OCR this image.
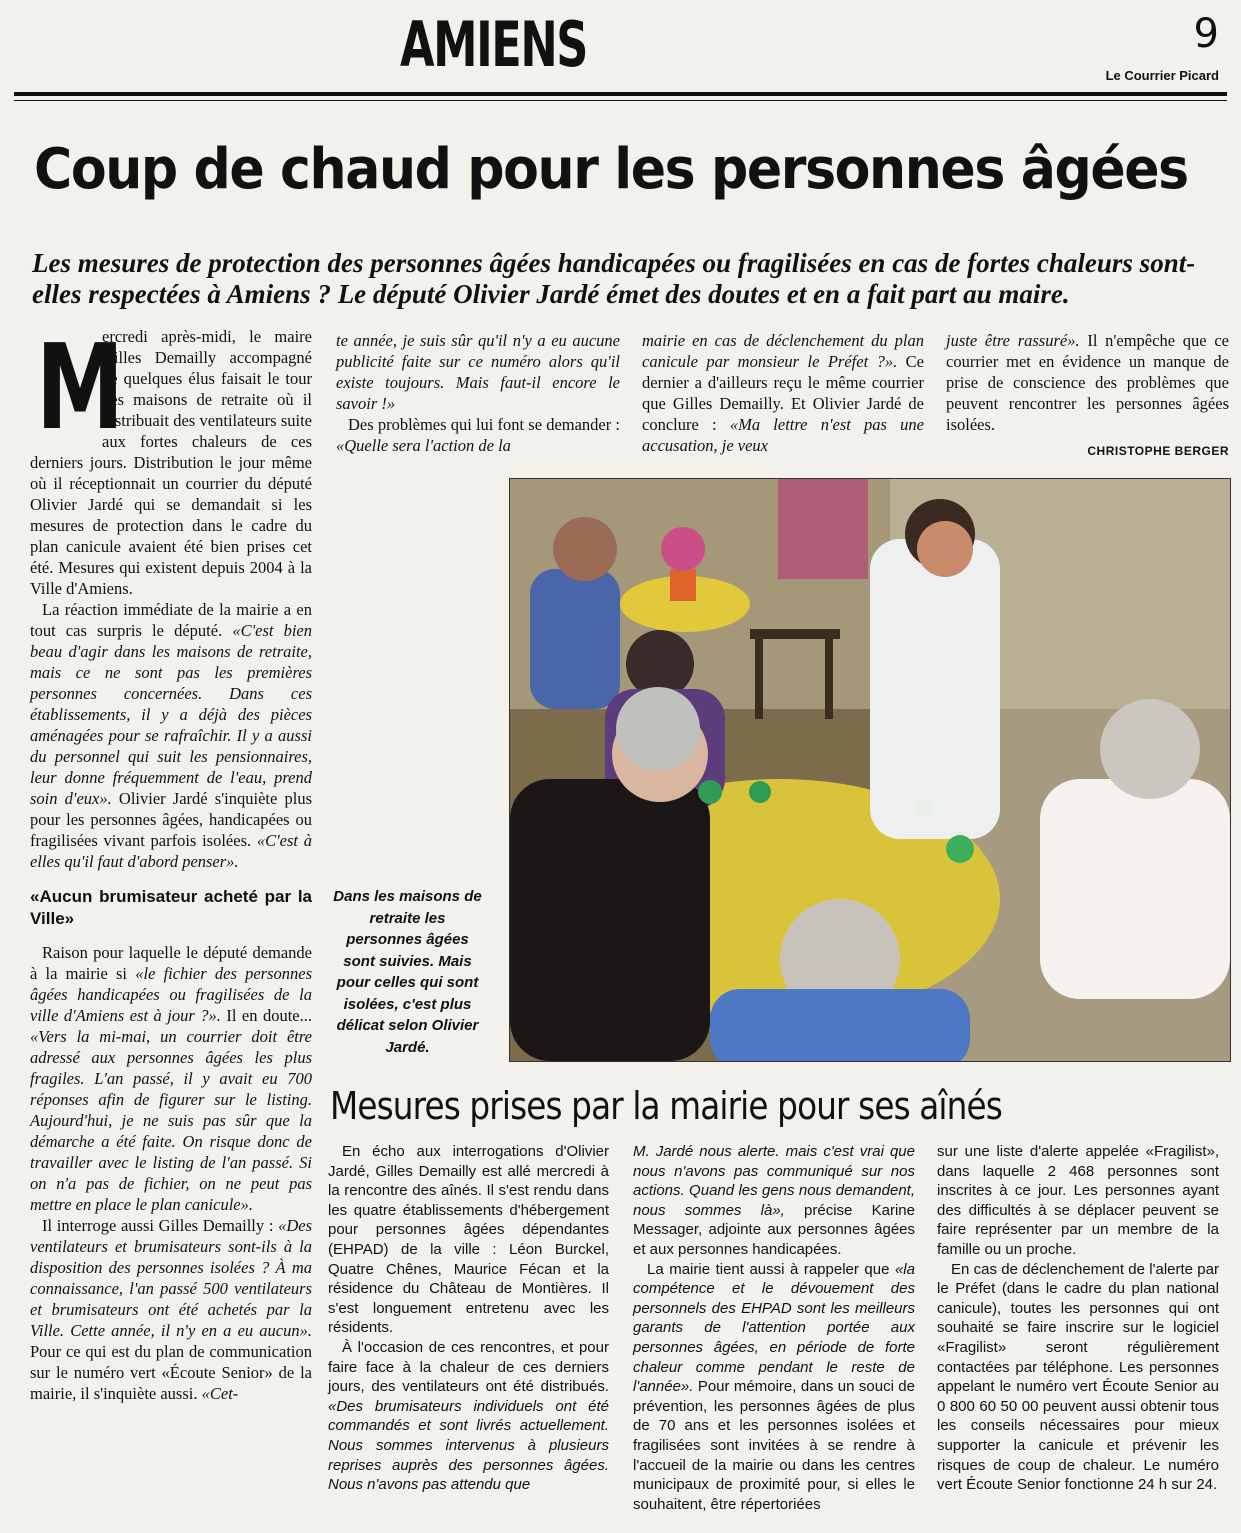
AMIENS	9
Le Courrier Picard
Coup de chaud pour les personnes âgées
Les mesures de protection des personnes âgées handicapées ou fragilisées en cas de fortes chaleurs sont-elles respectées à Amiens ? Le député Olivier Jardé émet des doutes et en a fait part au maire.
M

ercredi après-midi, le maire Gilles Demailly accompagné de quelques élus faisait le tour des maisons de retraite où il distribuait des ventilateurs suite aux fortes chaleurs de ces derniers jours. Distribution le jour même où il réceptionnait un courrier du député Olivier Jardé qui se demandait si les mesures de protection dans le cadre du plan canicule avaient été bien prises cet été. Mesures qui existent depuis 2004 à la Ville d'Amiens.

La réaction immédiate de la mairie a en tout cas surpris le député. «C'est bien beau d'agir dans les maisons de retraite, mais ce ne sont pas les premières personnes concernées. Dans ces établissements, il y a déjà des pièces aménagées pour se rafraîchir. Il y a aussi du personnel qui suit les pensionnaires, leur donne fréquemment de l'eau, prend soin d'eux». Olivier Jardé s'inquiète plus pour les personnes âgées, handicapées ou fragilisées vivant parfois isolées. «C'est à elles qu'il faut d'abord penser».

«Aucun brumisateur acheté par la Ville»

Raison pour laquelle le député demande à la mairie si «le fichier des personnes âgées handicapées ou fragilisées de la ville d'Amiens est à jour ?». Il en doute... «Vers la mi-mai, un courrier doit être adressé aux personnes âgées les plus fragiles. L'an passé, il y avait eu 700 réponses afin de figurer sur le listing. Aujourd'hui, je ne suis pas sûr que la démarche a été faite. On risque donc de travailler avec le listing de l'an passé. Si on n'a pas de fichier, on ne peut pas mettre en place le plan canicule».

Il interroge aussi Gilles Demailly : «Des ventilateurs et brumisateurs sont-ils à la disposition des personnes isolées ? À ma connaissance, l'an passé 500 ventilateurs et brumisateurs ont été achetés par la Ville. Cette année, il n'y en a eu aucun». Pour ce qui est du plan de communication sur le numéro vert «Écoute Senior» de la mairie, il s'inquiète aussi. «Cet-

te année, je suis sûr qu'il n'y a eu aucune publicité faite sur ce numéro alors qu'il existe toujours. Mais faut-il encore le savoir !»

Des problèmes qui lui font se demander : «Quelle sera l'action de la

mairie en cas de déclenchement du plan canicule par monsieur le Préfet ?». Ce dernier a d'ailleurs reçu le même courrier que Gilles Demailly. Et Olivier Jardé de conclure : «Ma lettre n'est pas une accusation, je veux

juste être rassuré». Il n'empêche que ce courrier met en évidence un manque de prise de conscience des problèmes que peuvent rencontrer les personnes âgées isolées.

CHRISTOPHE BERGER
Dans les maisons de retraite les personnes âgées sont suivies. Mais pour celles qui sont isolées, c'est plus délicat selon Olivier Jardé.
Mesures prises par la mairie pour ses aînés

En écho aux interrogations d'Olivier Jardé, Gilles Demailly est allé mercredi à la rencontre des aînés. Il s'est rendu dans les quatre établissements d'hébergement pour personnes âgées dépendantes (EHPAD) de la ville : Léon Burckel, Quatre Chênes, Maurice Fécan et la résidence du Château de Montières. Il s'est longuement entretenu avec les résidents.

À l'occasion de ces rencontres, et pour faire face à la chaleur de ces derniers jours, des ventilateurs ont été distribués. «Des brumisateurs individuels ont été commandés et sont livrés actuellement. Nous sommes intervenus à plusieurs reprises auprès des personnes âgées. Nous n'avons pas attendu que

M. Jardé nous alerte. mais c'est vrai que nous n'avons pas communiqué sur nos actions. Quand les gens nous demandent, nous sommes là», précise Karine Messager, adjointe aux personnes âgées et aux personnes handicapées.

La mairie tient aussi à rappeler que «la compétence et le dévouement des personnels des EHPAD sont les meilleurs garants de l'attention portée aux personnes âgées, en période de forte chaleur comme pendant le reste de l'année». Pour mémoire, dans un souci de prévention, les personnes âgées de plus de 70 ans et les personnes isolées et fragilisées sont invitées à se rendre à l'accueil de la mairie ou dans les centres municipaux de proximité pour, si elles le souhaitent, être répertoriées

sur une liste d'alerte appelée «Fragilist», dans laquelle 2 468 personnes sont inscrites à ce jour. Les personnes ayant des difficultés à se déplacer peuvent se faire représenter par un membre de la famille ou un proche.

En cas de déclenchement de l'alerte par le Préfet (dans le cadre du plan national canicule), toutes les personnes qui ont souhaité se faire inscrire sur le logiciel «Fragilist» seront régulièrement contactées par téléphone. Les personnes appelant le numéro vert Écoute Senior au 0 800 60 50 00 peuvent aussi obtenir tous les conseils nécessaires pour mieux supporter la canicule et prévenir les risques de coup de chaleur. Le numéro vert Écoute Senior fonctionne 24 h sur 24.
